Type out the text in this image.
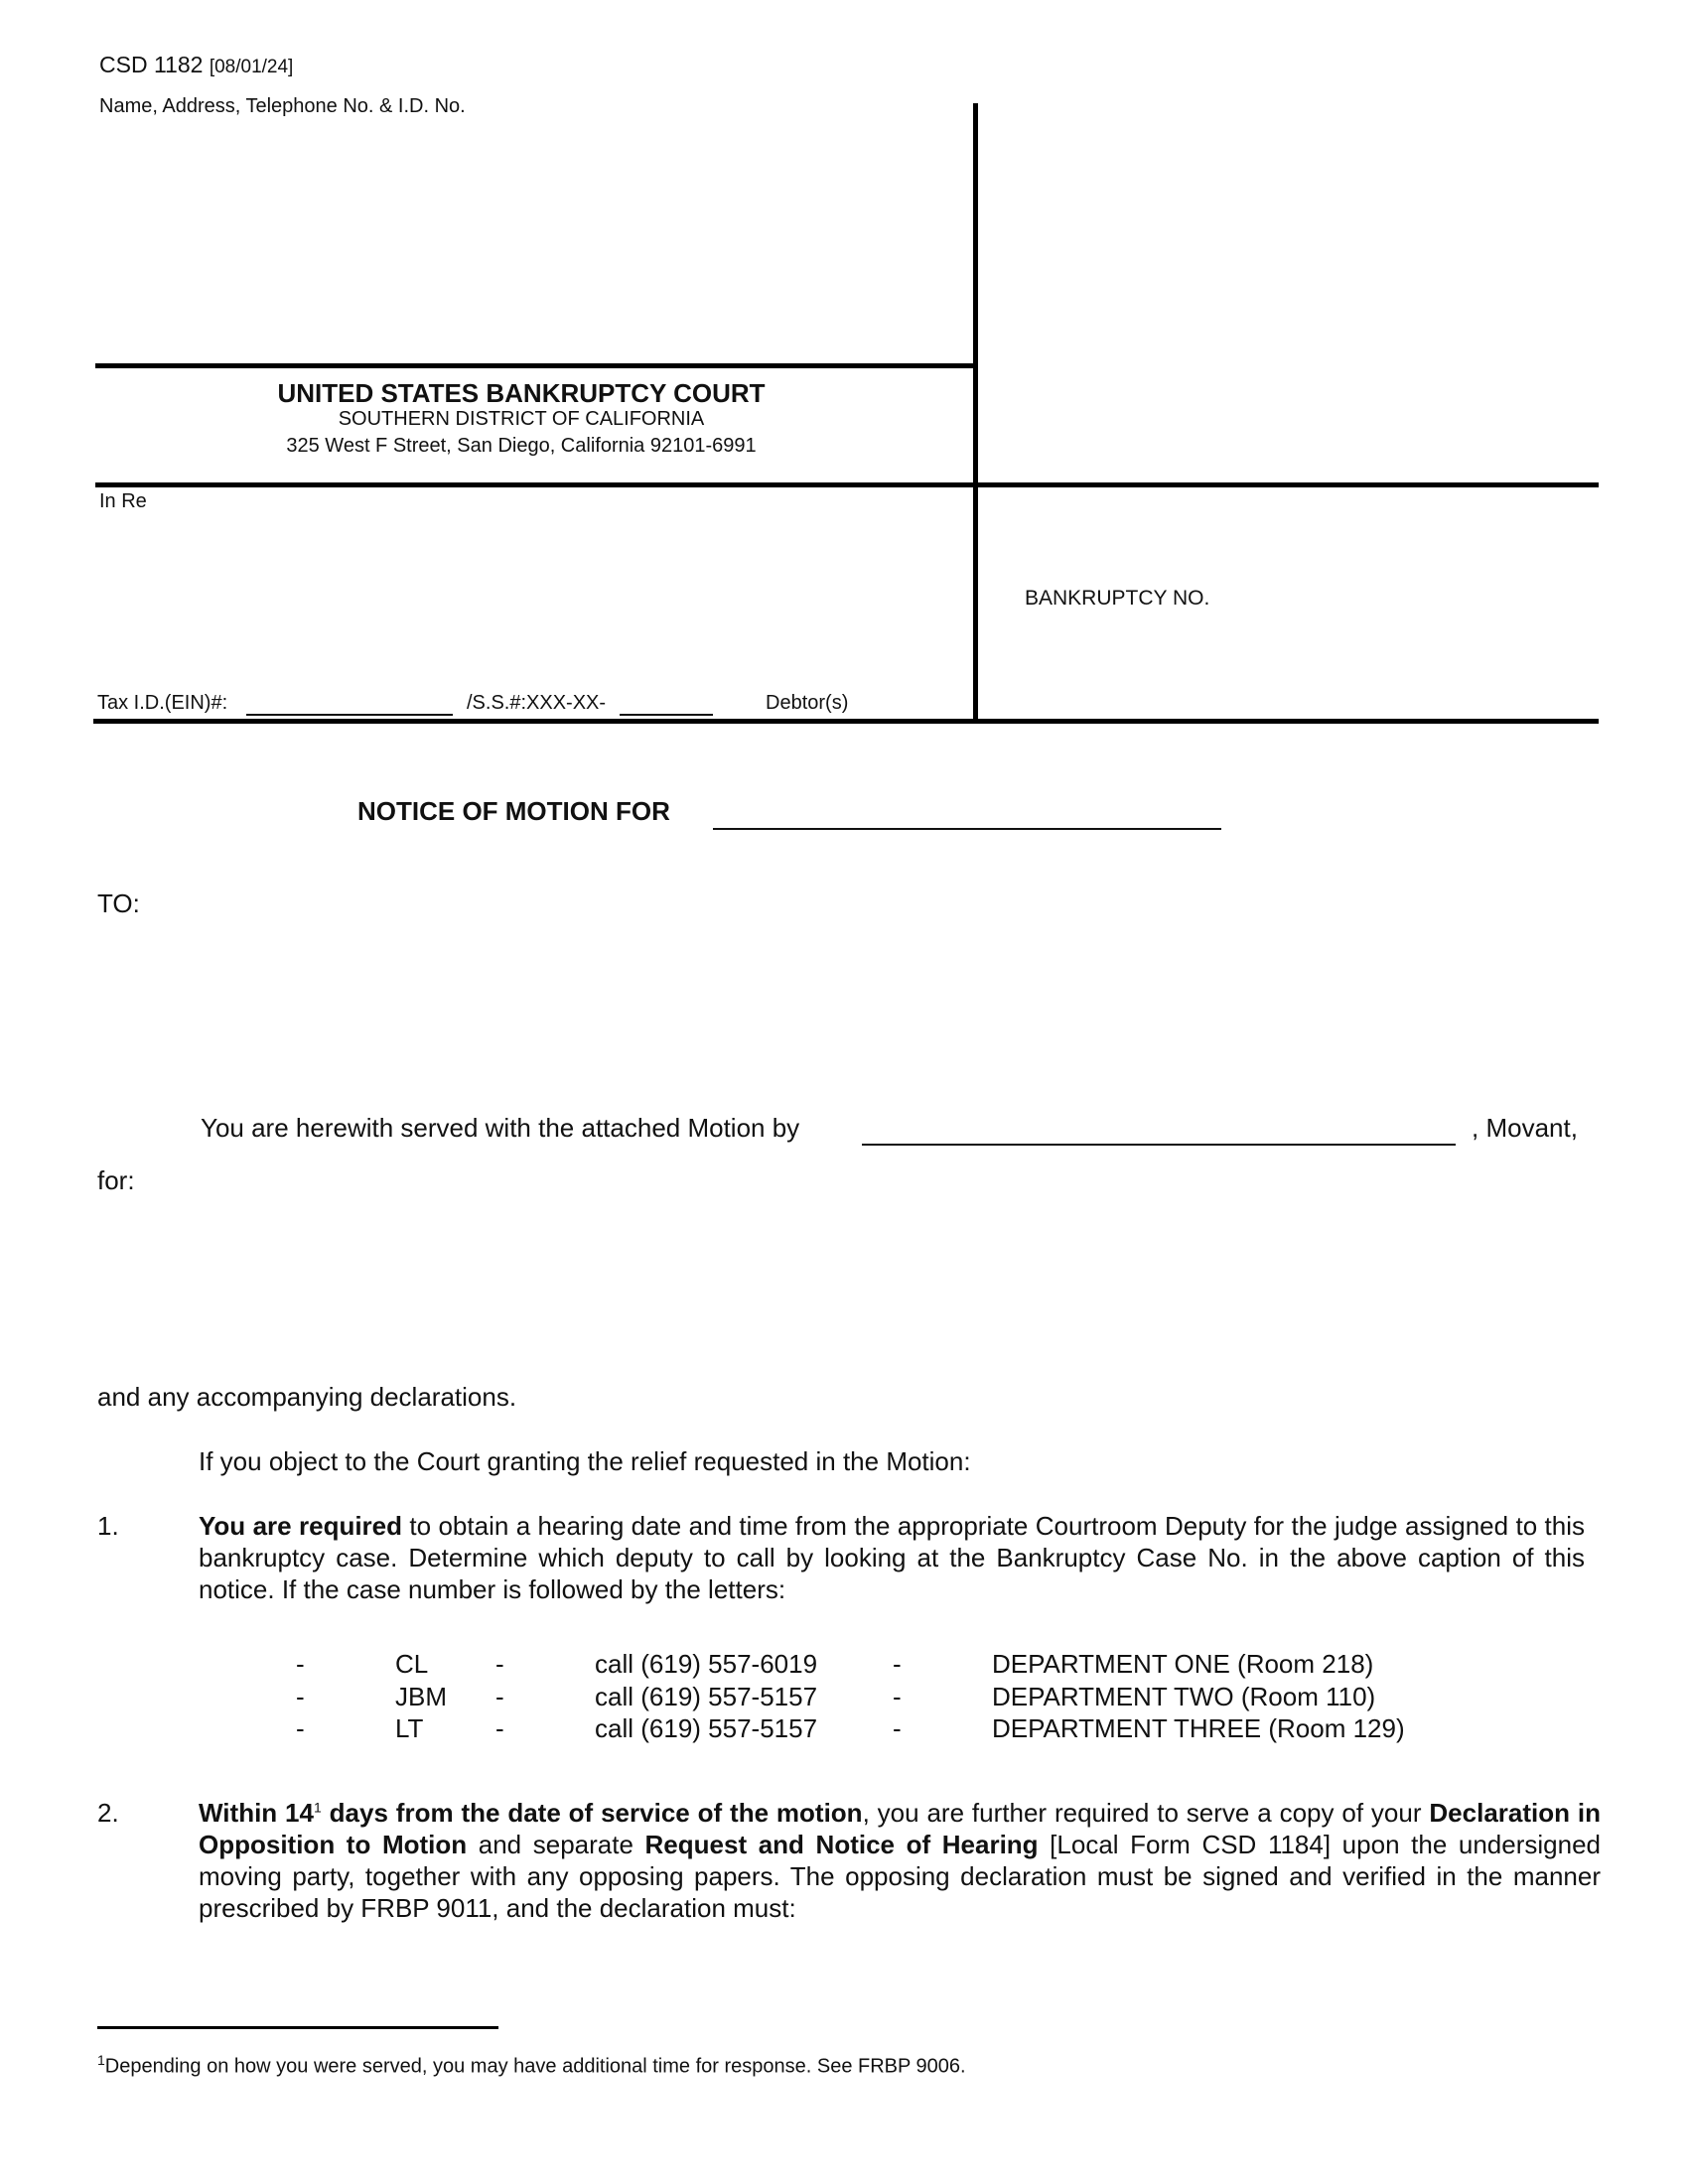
CSD 1182 [08/01/24]
Name, Address, Telephone No. & I.D. No.
UNITED STATES BANKRUPTCY COURT
SOUTHERN DISTRICT OF CALIFORNIA
325 West F Street, San Diego, California 92101-6991
In Re
BANKRUPTCY NO.
Tax I.D.(EIN)#:	/S.S.#:XXX-XX-	Debtor(s)
NOTICE OF MOTION FOR
TO:
You are herewith served with the attached Motion by	, Movant,
for:
and any accompanying declarations.
If you object to the Court granting the relief requested in the Motion:
1.	You are required to obtain a hearing date and time from the appropriate Courtroom Deputy for the judge assigned to this bankruptcy case. Determine which deputy to call by looking at the Bankruptcy Case No. in the above caption of this notice. If the case number is followed by the letters:
-	CL	-	call (619) 557-6019	-	DEPARTMENT ONE (Room 218)
-	JBM -	call (619) 557-5157	-	DEPARTMENT TWO (Room 110)
-	LT	-	call (619) 557-5157	-	DEPARTMENT THREE (Room 129)
2.	Within $14^1$ days from the date of service of the motion, you are further required to serve a copy of your Declaration in Opposition to Motion and separate Request and Notice of Hearing [Local Form CSD 1184] upon the undersigned moving party, together with any opposing papers. The opposing declaration must be signed and verified in the manner prescribed by FRBP 9011, and the declaration must:
$^1$Depending on how you were served, you may have additional time for response. See FRBP 9006.
